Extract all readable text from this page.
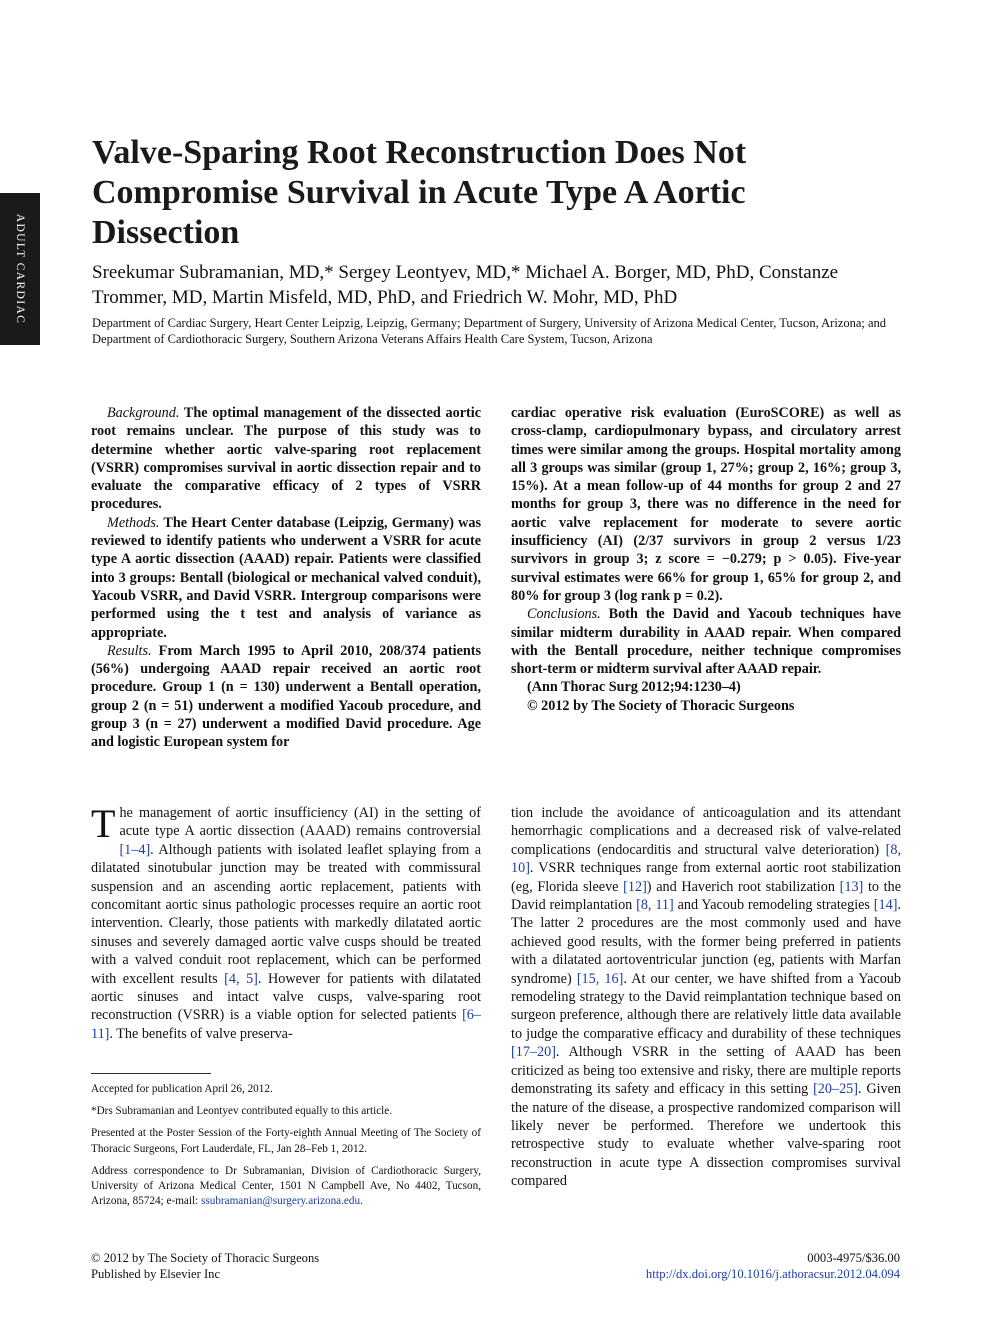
ADULT CARDIAC
Valve-Sparing Root Reconstruction Does Not Compromise Survival in Acute Type A Aortic Dissection
Sreekumar Subramanian, MD,* Sergey Leontyev, MD,* Michael A. Borger, MD, PhD, Constanze Trommer, MD, Martin Misfeld, MD, PhD, and Friedrich W. Mohr, MD, PhD
Department of Cardiac Surgery, Heart Center Leipzig, Leipzig, Germany; Department of Surgery, University of Arizona Medical Center, Tucson, Arizona; and Department of Cardiothoracic Surgery, Southern Arizona Veterans Affairs Health Care System, Tucson, Arizona

Background. The optimal management of the dissected aortic root remains unclear. The purpose of this study was to determine whether aortic valve-sparing root replacement (VSRR) compromises survival in aortic dissection repair and to evaluate the comparative efficacy of 2 types of VSRR procedures.

Methods. The Heart Center database (Leipzig, Germany) was reviewed to identify patients who underwent a VSRR for acute type A aortic dissection (AAAD) repair. Patients were classified into 3 groups: Bentall (biological or mechanical valved conduit), Yacoub VSRR, and David VSRR. Intergroup comparisons were performed using the t test and analysis of variance as appropriate.

Results. From March 1995 to April 2010, 208/374 patients (56%) undergoing AAAD repair received an aortic root procedure. Group 1 (n = 130) underwent a Bentall operation, group 2 (n = 51) underwent a modified Yacoub procedure, and group 3 (n = 27) underwent a modified David procedure. Age and logistic European system for

cardiac operative risk evaluation (EuroSCORE) as well as cross-clamp, cardiopulmonary bypass, and circulatory arrest times were similar among the groups. Hospital mortality among all 3 groups was similar (group 1, 27%; group 2, 16%; group 3, 15%). At a mean follow-up of 44 months for group 2 and 27 months for group 3, there was no difference in the need for aortic valve replacement for moderate to severe aortic insufficiency (AI) (2/37 survivors in group 2 versus 1/23 survivors in group 3; z score = −0.279; p > 0.05). Five-year survival estimates were 66% for group 1, 65% for group 2, and 80% for group 3 (log rank p = 0.2).

Conclusions. Both the David and Yacoub techniques have similar midterm durability in AAAD repair. When compared with the Bentall procedure, neither technique compromises short-term or midterm survival after AAAD repair.

(Ann Thorac Surg 2012;94:1230–4)

© 2012 by The Society of Thoracic Surgeons

The management of aortic insufficiency (AI) in the setting of acute type A aortic dissection (AAAD) remains controversial [1–4]. Although patients with isolated leaflet splaying from a dilatated sinotubular junction may be treated with commissural suspension and an ascending aortic replacement, patients with concomitant aortic sinus pathologic processes require an aortic root intervention. Clearly, those patients with markedly dilatated aortic sinuses and severely damaged aortic valve cusps should be treated with a valved conduit root replacement, which can be performed with excellent results [4, 5]. However for patients with dilatated aortic sinuses and intact valve cusps, valve-sparing root reconstruction (VSRR) is a viable option for selected patients [6–11]. The benefits of valve preserva-

tion include the avoidance of anticoagulation and its attendant hemorrhagic complications and a decreased risk of valve-related complications (endocarditis and structural valve deterioration) [8, 10]. VSRR techniques range from external aortic root stabilization (eg, Florida sleeve [12]) and Haverich root stabilization [13] to the David reimplantation [8, 11] and Yacoub remodeling strategies [14]. The latter 2 procedures are the most commonly used and have achieved good results, with the former being preferred in patients with a dilatated aortoventricular junction (eg, patients with Marfan syndrome) [15, 16]. At our center, we have shifted from a Yacoub remodeling strategy to the David reimplantation technique based on surgeon preference, although there are relatively little data available to judge the comparative efficacy and durability of these techniques [17–20]. Although VSRR in the setting of AAAD has been criticized as being too extensive and risky, there are multiple reports demonstrating its safety and efficacy in this setting [20–25]. Given the nature of the disease, a prospective randomized comparison will likely never be performed. Therefore we undertook this retrospective study to evaluate whether valve-sparing root reconstruction in acute type A dissection compromises survival compared

Accepted for publication April 26, 2012.

*Drs Subramanian and Leontyev contributed equally to this article.

Presented at the Poster Session of the Forty-eighth Annual Meeting of The Society of Thoracic Surgeons, Fort Lauderdale, FL, Jan 28–Feb 1, 2012.

Address correspondence to Dr Subramanian, Division of Cardiothoracic Surgery, University of Arizona Medical Center, 1501 N Campbell Ave, No 4402, Tucson, Arizona, 85724; e-mail: ssubramanian@surgery.arizona.edu.

© 2012 by The Society of Thoracic Surgeons
Published by Elsevier Inc
0003-4975/$36.00
http://dx.doi.org/10.1016/j.athoracsur.2012.04.094
